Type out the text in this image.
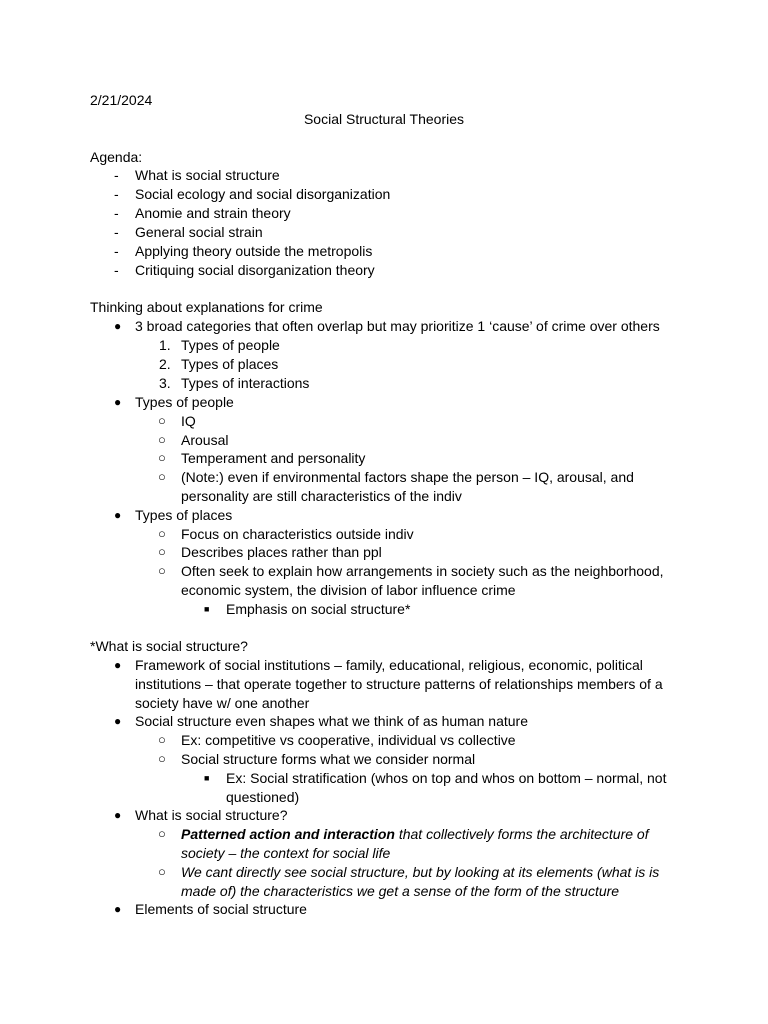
2/21/2024
Social Structural Theories
Agenda:
- What is social structure
- Social ecology and social disorganization
- Anomie and strain theory
- General social strain
- Applying theory outside the metropolis
- Critiquing social disorganization theory
Thinking about explanations for crime
● 3 broad categories that often overlap but may prioritize 1 ‘cause’ of crime over others
1. Types of people
2. Types of places
3. Types of interactions
● Types of people
○ IQ
○ Arousal
○ Temperament and personality
○ (Note:) even if environmental factors shape the person – IQ, arousal, and
personality are still characteristics of the indiv
● Types of places
○ Focus on characteristics outside indiv
○ Describes places rather than ppl
○ Often seek to explain how arrangements in society such as the neighborhood,
economic system, the division of labor influence crime
■ Emphasis on social structure*
*What is social structure?
● Framework of social institutions – family, educational, religious, economic, political
institutions – that operate together to structure patterns of relationships members of a
society have w/ one another
● Social structure even shapes what we think of as human nature
○ Ex: competitive vs cooperative, individual vs collective
○ Social structure forms what we consider normal
■ Ex: Social stratification (whos on top and whos on bottom – normal, not
questioned)
● What is social structure?
○ Patterned action and interaction that collectively forms the architecture of
society – the context for social life
○ We cant directly see social structure, but by looking at its elements (what is is
made of) the characteristics we get a sense of the form of the structure
● Elements of social structure
